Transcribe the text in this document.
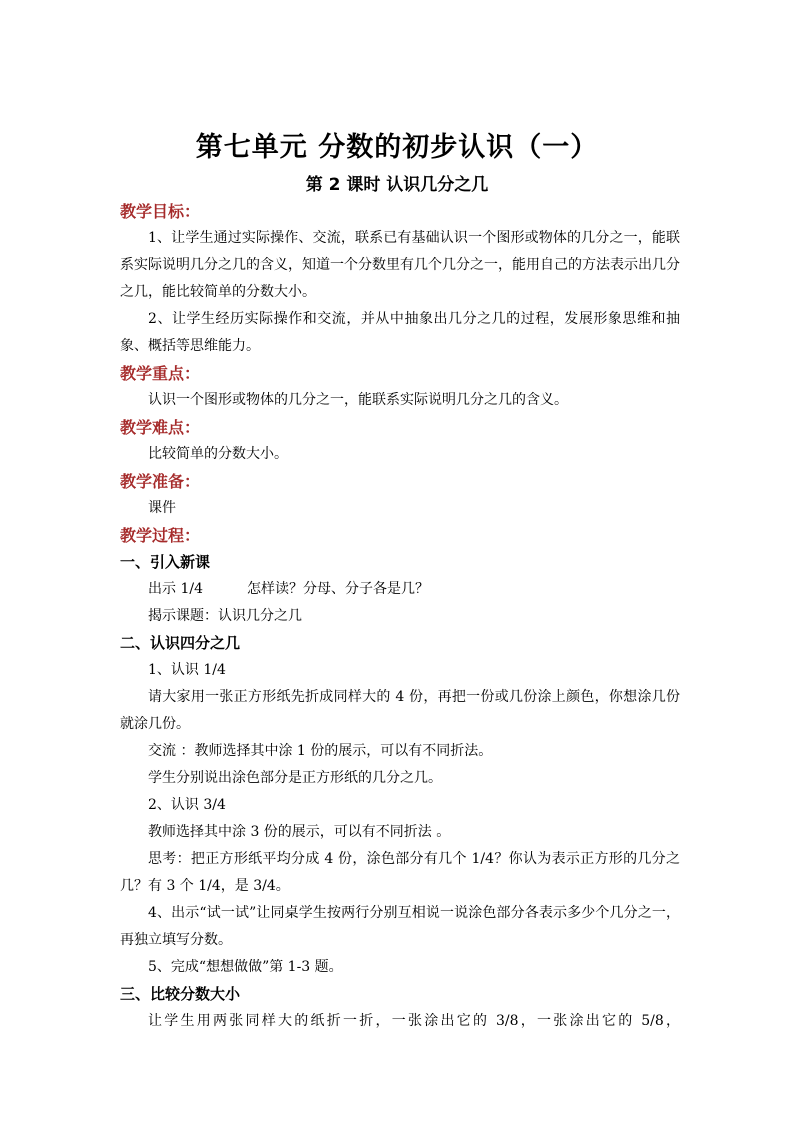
第七单元 分数的初步认识（一）
第 2 课时 认识几分之几
教学目标：
1、让学生通过实际操作、交流，联系已有基础认识一个图形或物体的几分之一，能联系实际说明几分之几的含义，知道一个分数里有几个几分之一，能用自己的方法表示出几分之几，能比较简单的分数大小。
2、让学生经历实际操作和交流，并从中抽象出几分之几的过程，发展形象思维和抽象、概括等思维能力。
教学重点：
认识一个图形或物体的几分之一，能联系实际说明几分之几的含义。
教学难点：
比较简单的分数大小。
教学准备：
课件
教学过程：
一、引入新课
出示 1/4	怎样读？分母、分子各是几？
揭示课题：认识几分之几
二、认识四分之几
1、认识 1/4
请大家用一张正方形纸先折成同样大的 4 份，再把一份或几份涂上颜色，你想涂几份就涂几份。
交流 ：教师选择其中涂 1 份的展示，可以有不同折法。
学生分别说出涂色部分是正方形纸的几分之几。
2、认识 3/4
教师选择其中涂 3 份的展示，可以有不同折法 。
思考：把正方形纸平均分成 4 份，涂色部分有几个 1/4？你认为表示正方形的几分之几？有 3 个 1/4，是 3/4。
4、出示“试一试”让同桌学生按两行分别互相说一说涂色部分各表示多少个几分之一，再独立填写分数。
5、完成“想想做做”第 1-3 题。
三、比较分数大小
让学生用两张同样大的纸折一折，一张涂出它的 3/8，一张涂出它的 5/8，
